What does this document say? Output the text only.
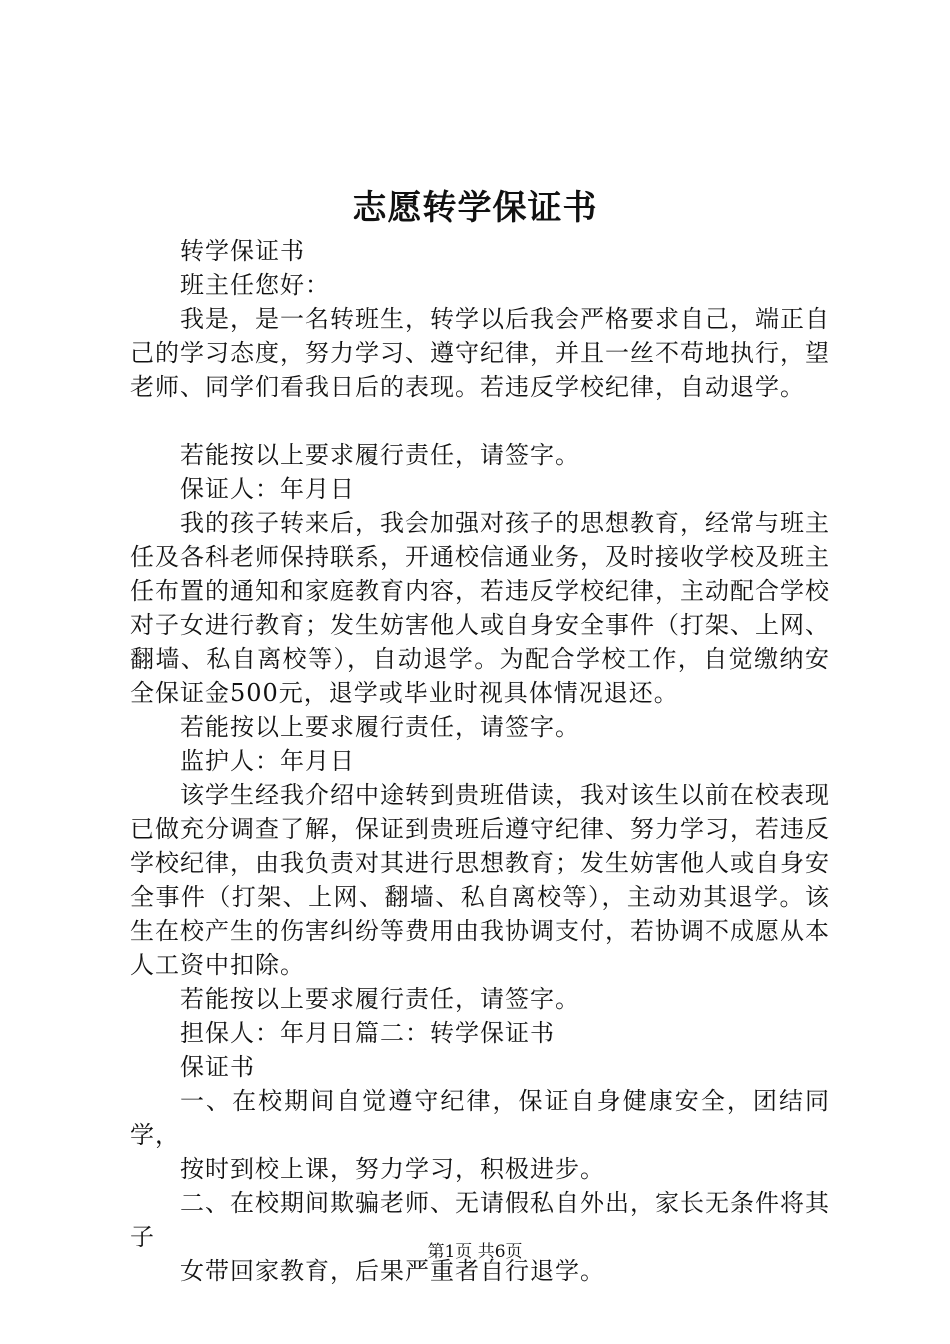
志愿转学保证书

转学保证书

班主任您好：

我是，是一名转班生，转学以后我会严格要求自己，端正自己的学习态度，努力学习、遵守纪律，并且一丝不苟地执行，望老师、同学们看我日后的表现。若违反学校纪律，自动退学。

若能按以上要求履行责任，请签字。

保证人：年月日

我的孩子转来后，我会加强对孩子的思想教育，经常与班主任及各科老师保持联系，开通校信通业务，及时接收学校及班主任布置的通知和家庭教育内容，若违反学校纪律，主动配合学校对子女进行教育；发生妨害他人或自身安全事件（打架、上网、翻墙、私自离校等），自动退学。为配合学校工作，自觉缴纳安全保证金500元，退学或毕业时视具体情况退还。

若能按以上要求履行责任，请签字。

监护人：年月日

该学生经我介绍中途转到贵班借读，我对该生以前在校表现已做充分调查了解，保证到贵班后遵守纪律、努力学习，若违反学校纪律，由我负责对其进行思想教育；发生妨害他人或自身安全事件（打架、上网、翻墙、私自离校等），主动劝其退学。该生在校产生的伤害纠纷等费用由我协调支付，若协调不成愿从本人工资中扣除。

若能按以上要求履行责任，请签字。

担保人：年月日篇二：转学保证书

保证书

一、在校期间自觉遵守纪律，保证自身健康安全，团结同学，

按时到校上课，努力学习，积极进步。

二、在校期间欺骗老师、无请假私自外出，家长无条件将其子

女带回家教育，后果严重者自行退学。

第1页 共6页
